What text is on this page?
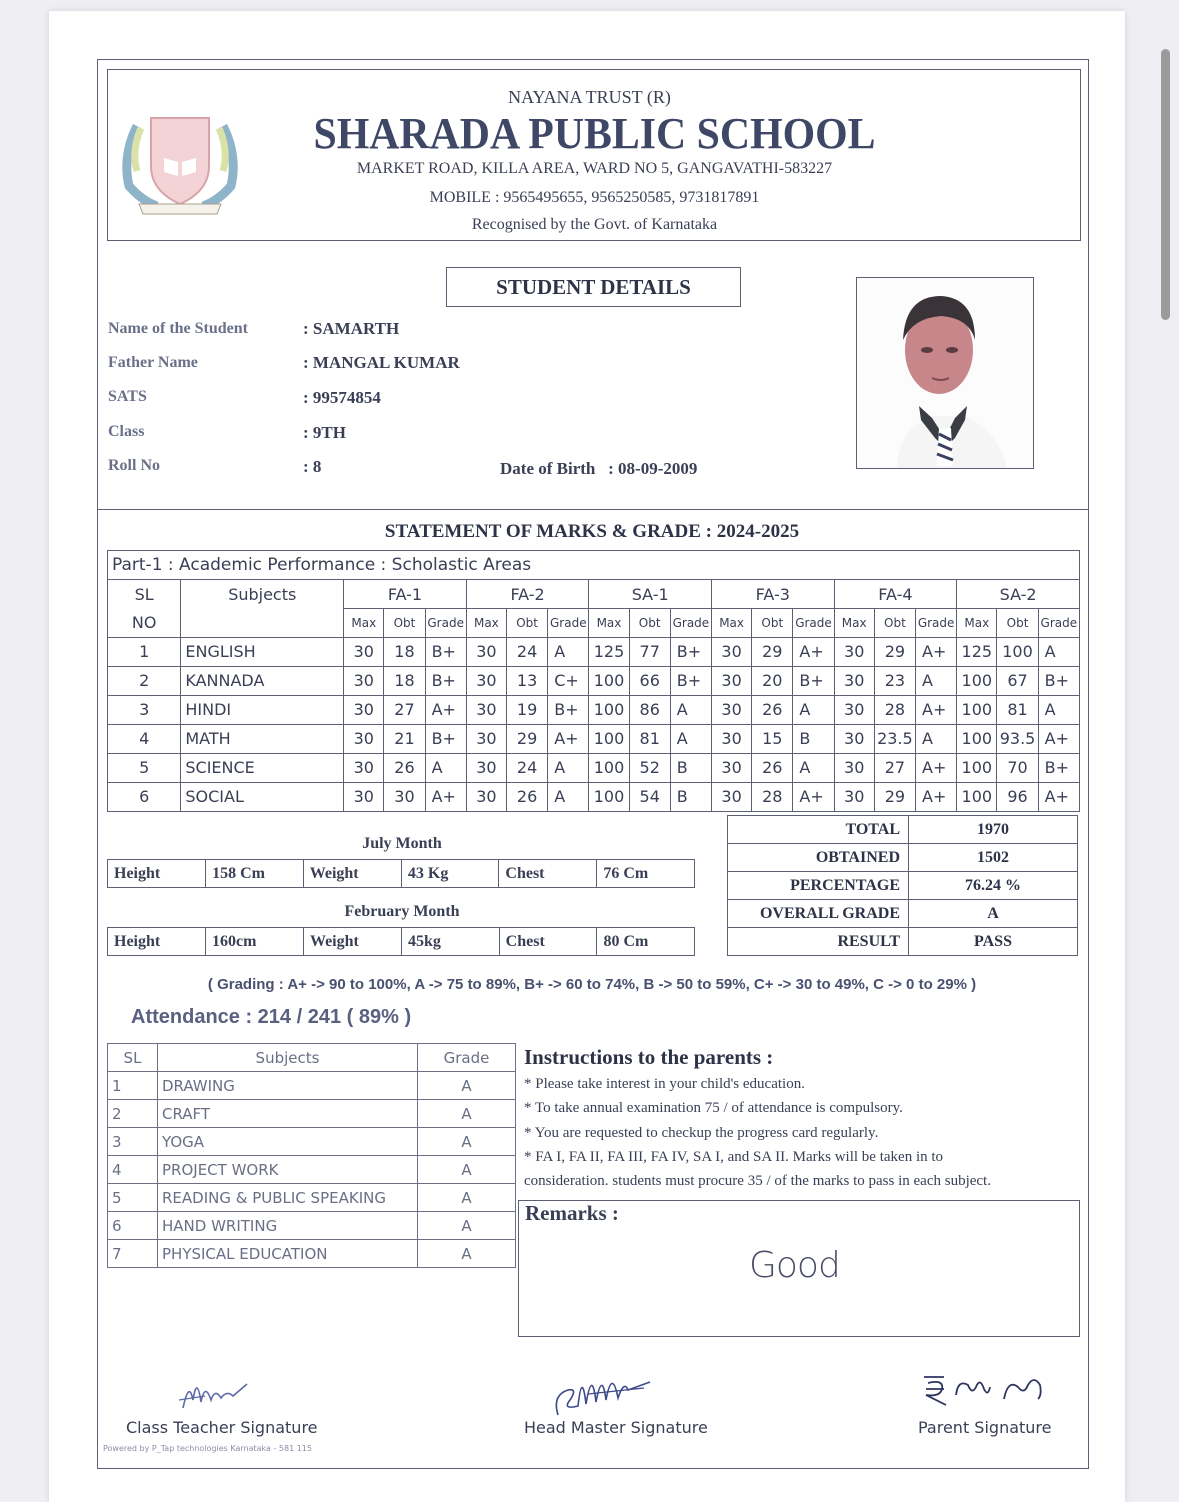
NAYANA TRUST (R)
SHARADA PUBLIC SCHOOL
MARKET ROAD, KILLA AREA, WARD NO 5, GANGAVATHI-583227
MOBILE : 9565495655, 9565250585, 9731817891
Recognised by the Govt. of Karnataka
STUDENT DETAILS
Name of the Student	: SAMARTH
Father Name	: MANGAL KUMAR
SATS	: 99574854
Class	: 9TH
Roll No	: 8	Date of Birth : 08-09-2009
STATEMENT OF MARKS & GRADE : 2024-2025
Part-1 : Academic Performance : Scholastic Areas																			
SL	Subjects	FA-1			FA-2			SA-1			FA-3			FA-4			SA-2		
NO		Max	Obt	Grade	Max	Obt	Grade	Max	Obt	Grade	Max	Obt	Grade	Max	Obt	Grade	Max	Obt	Grade
1	ENGLISH	30	18	B+	30	24	A	125	77	B+	30	29	A+	30	29	A+	125	100	A
2	KANNADA	30	18	B+	30	13	C+	100	66	B+	30	20	B+	30	23	A	100	67	B+
3	HINDI	30	27	A+	30	19	B+	100	86	A	30	26	A	30	28	A+	100	81	A
4	MATH	30	21	B+	30	29	A+	100	81	A	30	15	B	30	23.5	A	100	93.5	A+
5	SCIENCE	30	26	A	30	24	A	100	52	B	30	26	A	30	27	A+	100	70	B+
6	SOCIAL	30	30	A+	30	26	A	100	54	B	30	28	A+	30	29	A+	100	96	A+
TOTAL	1970
OBTAINED	1502
PERCENTAGE	76.24 %
OVERALL GRADE	A
RESULT	PASS
July Month
Height	158 Cm	Weight	43 Kg	Chest	76 Cm
February Month
Height	160cm	Weight	45kg	Chest	80 Cm
( Grading : A+ -> 90 to 100%, A -> 75 to 89%, B+ -> 60 to 74%, B -> 50 to 59%, C+ -> 30 to 49%, C -> 0 to 29% )
Attendance : 214 / 241 ( 89% )
SL	Subjects	Grade
1	DRAWING	A
2	CRAFT	A
3	YOGA	A
4	PROJECT WORK	A
5	READING & PUBLIC SPEAKING	A
6	HAND WRITING	A
7	PHYSICAL EDUCATION	A
Instructions to the parents :
* Please take interest in your child's education.
* To take annual examination 75 / of attendance is compulsory.
* You are requested to checkup the progress card regularly.
* FA I, FA II, FA III, FA IV, SA I, and SA II. Marks will be taken in to
consideration. students must procure 35 / of the marks to pass in each subject.
Remarks :
Good
Class Teacher Signature	Head Master Signature	Parent Signature
Powered by P_Tap technologies Karnataka - 581 115
